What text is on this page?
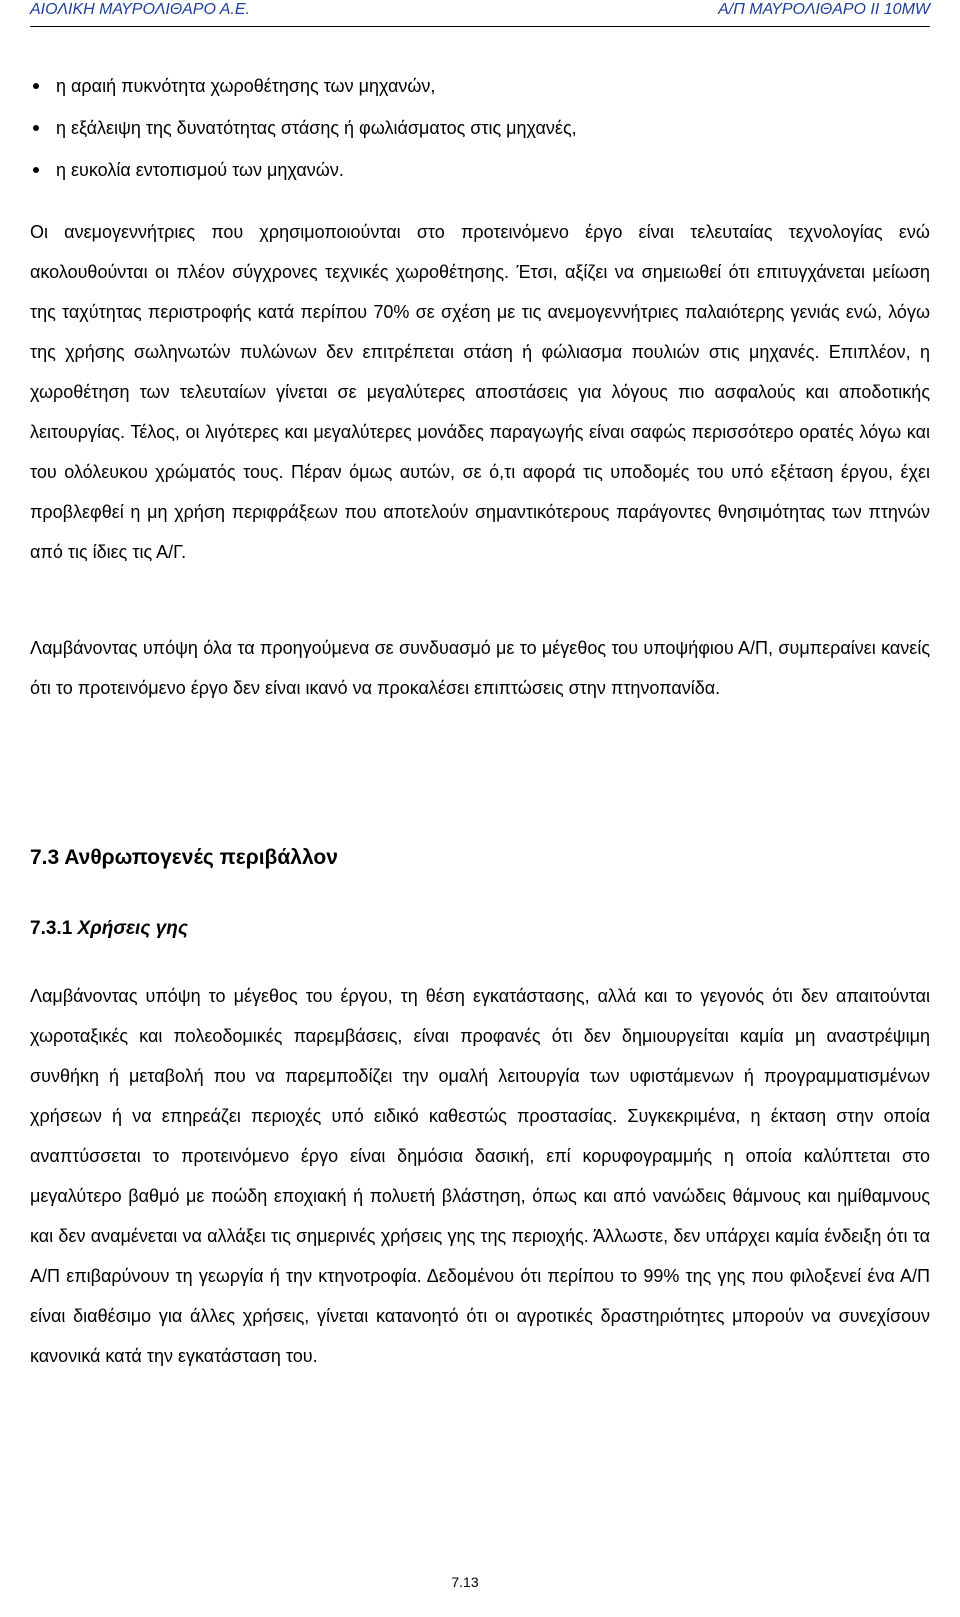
ΑΙΟΛΙΚΗ ΜΑΥΡΟΛΙΘΑΡΟ Α.Ε.	Α/Π ΜΑΥΡΟΛΙΘΑΡΟ ΙΙ 10MW
η αραιή πυκνότητα χωροθέτησης των μηχανών,
η εξάλειψη της δυνατότητας στάσης ή φωλιάσματος στις μηχανές,
η ευκολία εντοπισμού των μηχανών.

Οι ανεμογεννήτριες που χρησιμοποιούνται στο προτεινόμενο έργο είναι τελευταίας τεχνολογίας ενώ ακολουθούνται οι πλέον σύγχρονες τεχνικές χωροθέτησης. Έτσι, αξίζει να σημειωθεί ότι επιτυγχάνεται μείωση της ταχύτητας περιστροφής κατά περίπου 70% σε σχέση με τις ανεμογεννήτριες παλαιότερης γενιάς ενώ, λόγω της χρήσης σωληνωτών πυλώνων δεν επιτρέπεται στάση ή φώλιασμα πουλιών στις μηχανές. Επιπλέον, η χωροθέτηση των τελευταίων γίνεται σε μεγαλύτερες αποστάσεις για λόγους πιο ασφαλούς και αποδοτικής λειτουργίας. Τέλος, οι λιγότερες και μεγαλύτερες μονάδες παραγωγής είναι σαφώς περισσότερο ορατές λόγω και του ολόλευκου χρώματός τους. Πέραν όμως αυτών, σε ό,τι αφορά τις υποδομές του υπό εξέταση έργου, έχει προβλεφθεί η μη χρήση περιφράξεων που αποτελούν σημαντικότερους παράγοντες θνησιμότητας των πτηνών από τις ίδιες τις Α/Γ.

Λαμβάνοντας υπόψη όλα τα προηγούμενα σε συνδυασμό με το μέγεθος του υποψήφιου Α/Π, συμπεραίνει κανείς ότι το προτεινόμενο έργο δεν είναι ικανό να προκαλέσει επιπτώσεις στην πτηνοπανίδα.

7.3 Ανθρωπογενές περιβάλλον
7.3.1 Χρήσεις γης

Λαμβάνοντας υπόψη το μέγεθος του έργου, τη θέση εγκατάστασης, αλλά και το γεγονός ότι δεν απαιτούνται χωροταξικές και πολεοδομικές παρεμβάσεις, είναι προφανές ότι δεν δημιουργείται καμία μη αναστρέψιμη συνθήκη ή μεταβολή που να παρεμποδίζει την ομαλή λειτουργία των υφιστάμενων ή προγραμματισμένων χρήσεων ή να επηρεάζει περιοχές υπό ειδικό καθεστώς προστασίας. Συγκεκριμένα, η έκταση στην οποία αναπτύσσεται το προτεινόμενο έργο είναι δημόσια δασική, επί κορυφογραμμής η οποία καλύπτεται στο μεγαλύτερο βαθμό με ποώδη εποχιακή ή πολυετή βλάστηση, όπως και από νανώδεις θάμνους και ημίθαμνους και δεν αναμένεται να αλλάξει τις σημερινές χρήσεις γης της περιοχής. Άλλωστε, δεν υπάρχει καμία ένδειξη ότι τα Α/Π επιβαρύνουν τη γεωργία ή την κτηνοτροφία. Δεδομένου ότι περίπου το 99% της γης που φιλοξενεί ένα Α/Π είναι διαθέσιμο για άλλες χρήσεις, γίνεται κατανοητό ότι οι αγροτικές δραστηριότητες μπορούν να συνεχίσουν κανονικά κατά την εγκατάσταση του.

7.13
